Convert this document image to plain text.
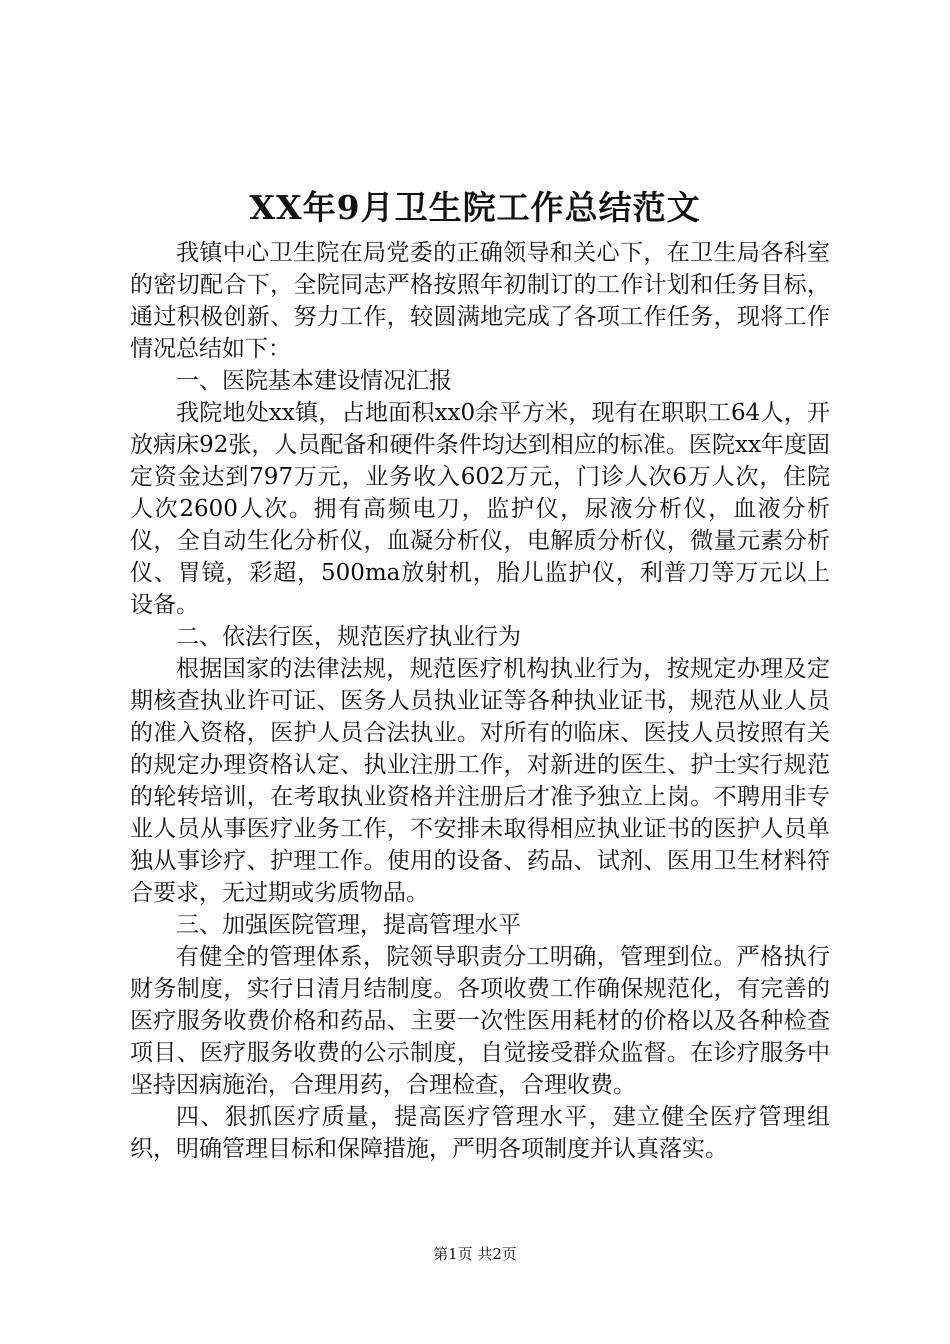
XX年9月卫生院工作总结范文

我镇中心卫生院在局党委的正确领导和关心下，在卫生局各科室的密切配合下，全院同志严格按照年初制订的工作计划和任务目标，通过积极创新、努力工作，较圆满地完成了各项工作任务，现将工作情况总结如下：

一、医院基本建设情况汇报

我院地处xx镇，占地面积xx0余平方米，现有在职职工64人，开放病床92张，人员配备和硬件条件均达到相应的标准。医院xx年度固定资金达到797万元，业务收入602万元，门诊人次6万人次，住院人次2600人次。拥有高频电刀，监护仪，尿液分析仪，血液分析仪，全自动生化分析仪，血凝分析仪，电解质分析仪，微量元素分析仪、胃镜，彩超，500ma放射机，胎儿监护仪，利普刀等万元以上设备。

二、依法行医，规范医疗执业行为

根据国家的法律法规，规范医疗机构执业行为，按规定办理及定期核查执业许可证、医务人员执业证等各种执业证书，规范从业人员的准入资格，医护人员合法执业。对所有的临床、医技人员按照有关的规定办理资格认定、执业注册工作，对新进的医生、护士实行规范的轮转培训，在考取执业资格并注册后才准予独立上岗。不聘用非专业人员从事医疗业务工作，不安排未取得相应执业证书的医护人员单独从事诊疗、护理工作。使用的设备、药品、试剂、医用卫生材料符合要求，无过期或劣质物品。

三、加强医院管理，提高管理水平

有健全的管理体系，院领导职责分工明确，管理到位。严格执行财务制度，实行日清月结制度。各项收费工作确保规范化，有完善的医疗服务收费价格和药品、主要一次性医用耗材的价格以及各种检查项目、医疗服务收费的公示制度，自觉接受群众监督。在诊疗服务中坚持因病施治，合理用药，合理检查，合理收费。

四、狠抓医疗质量，提高医疗管理水平，建立健全医疗管理组织，明确管理目标和保障措施，严明各项制度并认真落实。

第1页 共2页
